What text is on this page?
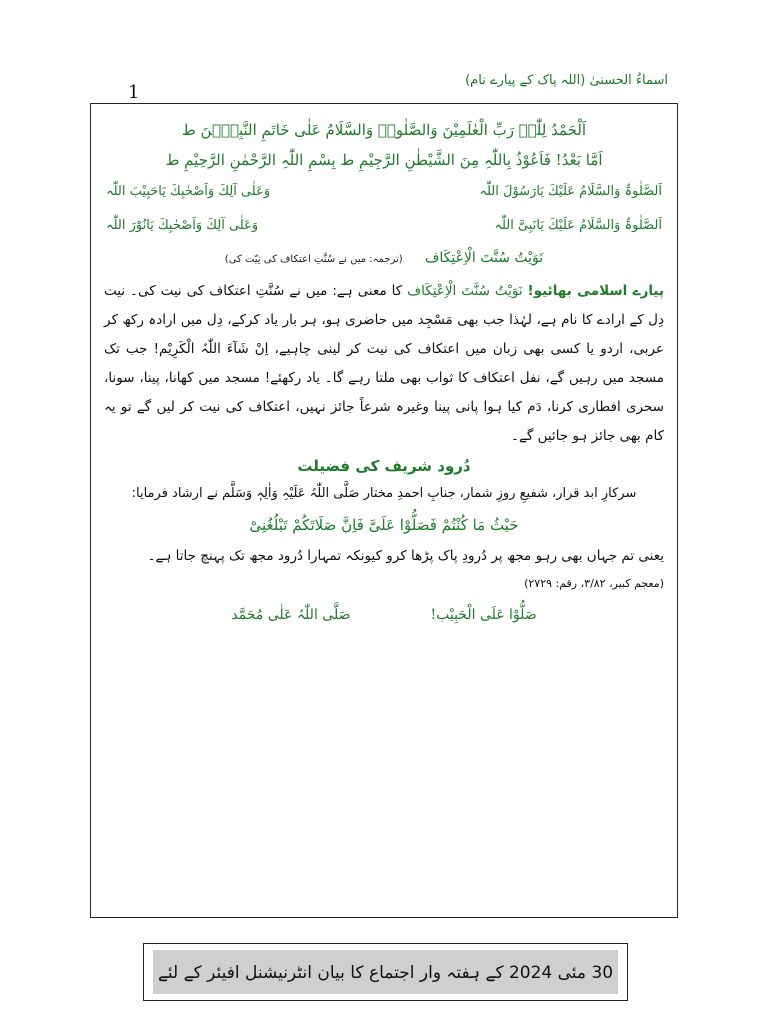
اسماءُ الحسنیٰ (اللہ پاک کے پیارے نام)
1
اَلْحَمْدُ لِلّٰہِ رَبِّ الْعٰلَمِیْنَ وَالصَّلٰوۃُ وَالسَّلَامُ عَلٰی خَاتَمِ النَّبِیّٖنَ ط
اَمَّا بَعْدُ! فَاَعُوْذُ بِاللّٰہِ مِنَ الشَّیْطٰنِ الرَّجِیْمِ ط بِسْمِ اللّٰہِ الرَّحْمٰنِ الرَّحِیْمِ ط
اَلصَّلٰوۃُ وَالسَّلَامُ عَلَیْكَ یَارَسُوْلَ اللّٰہ
وَعَلٰی آلِكَ وَاَصْحٰبِكَ یَاحَبِیْبَ اللّٰہ
اَلصَّلٰوۃُ وَالسَّلَامُ عَلَیْكَ یَانَبِیَّ اللّٰہ
وَعَلٰی آلِكَ وَاَصْحٰبِكَ یَانُوْرَ اللّٰہ
نَوَیْتُ سُنَّتَ الْاِعْتِکَاف (ترجمہ: میں نے سُنَّتِ اعتکاف کی نِیّت کی)

پیارے اسلامی بھائیو! نَوَیْتُ سُنَّتَ الْاِعْتِکَاف کا معنی ہے: میں نے سُنَّتِ اعتکاف کی نیت کی۔ نیت دِل کے ارادے کا نام ہے، لہٰذا جب بھی مَسْجِد میں حاضری ہو، ہر بار یاد کرکے، دِل میں ارادہ رکھ کر عربی، اردو یا کسی بھی زبان میں اعتکاف کی نیت کر لینی چاہیے، اِنْ شَآءَ اللّٰہُ الْکَرِیْم! جب تک مسجد میں رہیں گے، نفل اعتکاف کا ثواب بھی ملتا رہے گا۔ یاد رکھئے! مسجد میں کھانا، پینا، سونا، سحری افطاری کرنا، دَم کیا ہوا پانی پینا وغیرہ شرعاً جائز نہیں، اعتکاف کی نیت کر لیں گے تو یہ کام بھی جائز ہو جائیں گے۔

دُرود شریف کی فضیلت
سرکارِ ابد قرار، شفیعِ روزِ شمار، جنابِ احمدِ مختار صَلَّی اللّٰہُ عَلَیْہِ وَاٰلِہٖ وَسَلَّم نے ارشاد فرمایا:
حَیْثُ مَا كُنْتُمْ فَصَلُّوْا عَلَیَّ فَاِنَّ صَلَاتَكُمْ تَبْلُغُنِیْ

یعنی تم جہاں بھی رہو مجھ پر دُرودِ پاک پڑھا کرو کیونکہ تمہارا دُرود مجھ تک پہنچ جاتا ہے۔

(معجم کبیر، ۳/۸۲، رقم: ۲۷۲۹)
صَلُّوْا عَلَی الْحَبِیْب!
صَلَّی اللّٰہُ عَلٰی مُحَمَّد
30 مئی 2024 کے ہفتہ وار اجتماع کا بیان انٹرنیشنل افیئر کے لئے
